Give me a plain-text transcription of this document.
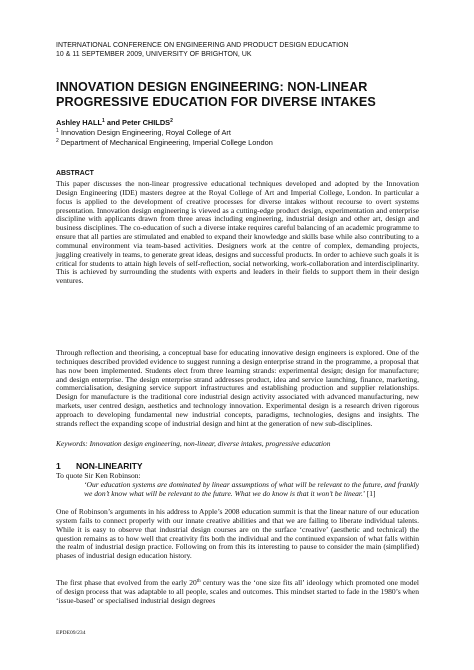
INTERNATIONAL CONFERENCE ON ENGINEERING AND PRODUCT DESIGN EDUCATION
10 & 11 SEPTEMBER 2009, UNIVERSITY OF BRIGHTON, UK
INNOVATION DESIGN ENGINEERING: NON-LINEAR
PROGRESSIVE EDUCATION FOR DIVERSE INTAKES
Ashley HALL$^1$ and Peter CHILDS$^2$
$^1$ Innovation Design Engineering, Royal College of Art
$^2$ Department of Mechanical Engineering, Imperial College London
ABSTRACT
This paper discusses the non-linear progressive educational techniques developed and adopted by the Innovation Design Engineering (IDE) masters degree at the Royal College of Art and Imperial College, London. In particular a focus is applied to the development of creative processes for diverse intakes without recourse to overt systems presentation. Innovation design engineering is viewed as a cutting-edge product design, experimentation and enterprise discipline with applicants drawn from three areas including engineering, industrial design and other art, design and business disciplines. The co-education of such a diverse intake requires careful balancing of an academic programme to ensure that all parties are stimulated and enabled to expand their knowledge and skills base while also contributing to a communal environment via team-based activities. Designers work at the centre of complex, demanding projects, juggling creatively in teams, to generate great ideas, designs and successful products. In order to achieve such goals it is critical for students to attain high levels of self-reflection, social networking, work-collaboration and interdisciplinarity. This is achieved by surrounding the students with experts and leaders in their fields to support them in their design ventures.
Through reflection and theorising, a conceptual base for educating innovative design engineers is explored. One of the techniques described provided evidence to suggest running a design enterprise strand in the programme, a proposal that has now been implemented. Students elect from three learning strands: experimental design; design for manufacture; and design enterprise. The design enterprise strand addresses product, idea and service launching, finance, marketing, commercialisation, designing service support infrastructures and establishing production and supplier relationships. Design for manufacture is the traditional core industrial design activity associated with advanced manufacturing, new markets, user centred design, aesthetics and technology innovation. Experimental design is a research driven rigorous approach to developing fundamental new industrial concepts, paradigms, technologies, designs and insights. The strands reflect the expanding scope of industrial design and hint at the generation of new sub-disciplines.
Keywords: Innovation design engineering, non-linear, diverse intakes, progressive education
1 NON-LINEARITY
To quote Sir Ken Robinson:
‘Our education systems are dominated by linear assumptions of what will be relevant to the future, and frankly we don’t know what will be relevant to the future. What we do know is that it won’t be linear.’ [1]
One of Robinson’s arguments in his address to Apple’s 2008 education summit is that the linear nature of our education system fails to connect properly with our innate creative abilities and that we are failing to liberate individual talents. While it is easy to observe that industrial design courses are on the surface ‘creative’ (aesthetic and technical) the question remains as to how well that creativity fits both the individual and the continued expansion of what falls within the realm of industrial design practice. Following on from this its interesting to pause to consider the main (simplified) phases of industrial design education history.
The first phase that evolved from the early 20th century was the ‘one size fits all’ ideology which promoted one model of design process that was adaptable to all people, scales and outcomes. This mindset started to fade in the 1980’s when ‘issue-based’ or specialised industrial design degrees
EPDE09/234
